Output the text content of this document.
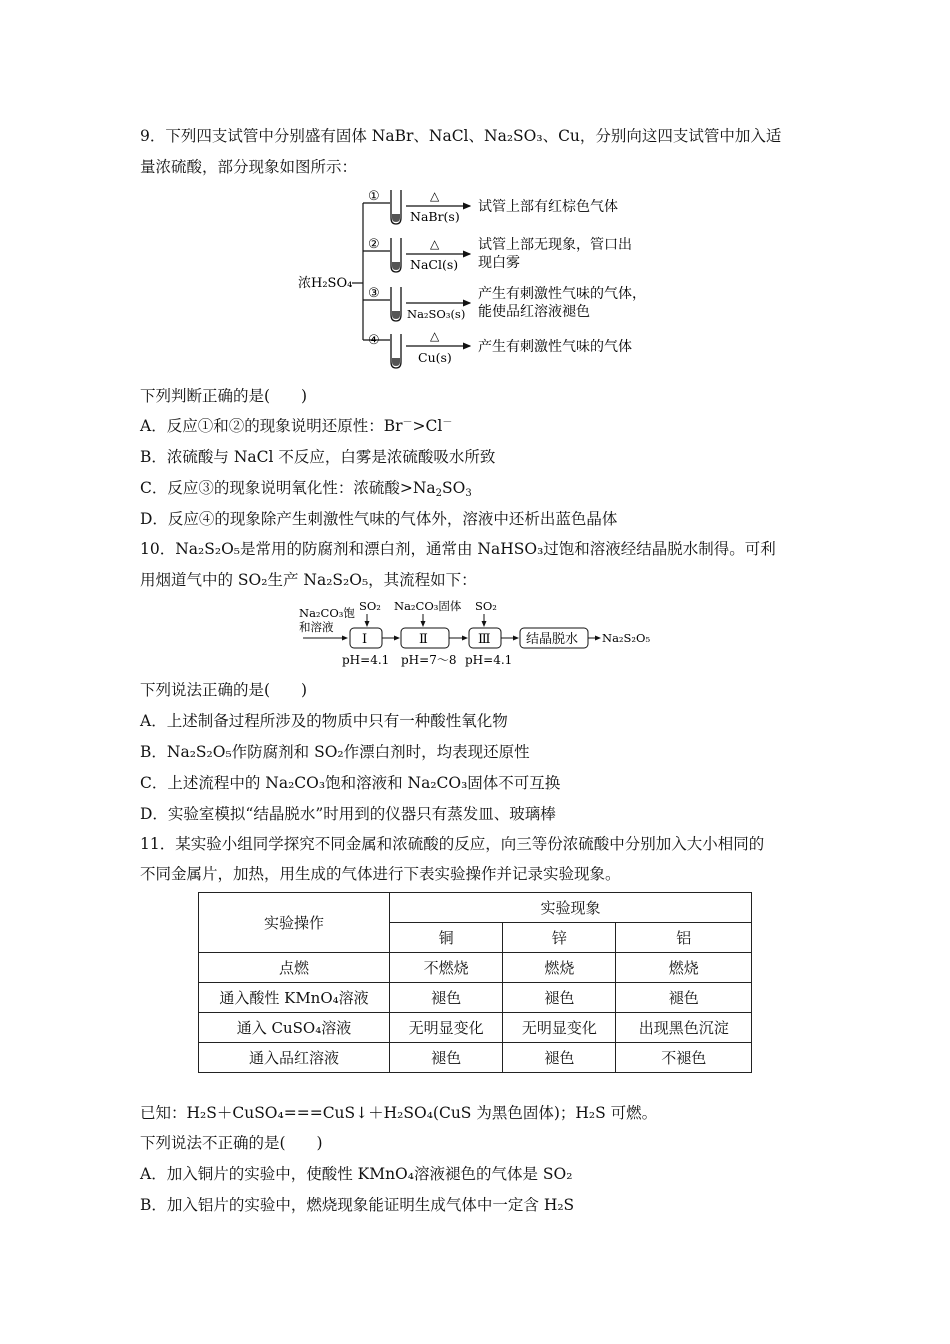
9．下列四支试管中分别盛有固体 NaBr、NaCl、Na₂SO₃、Cu，分别向这四支试管中加入适
量浓硫酸，部分现象如图所示：
浓H₂SO₄
①	△
NaBr(s)
试管上部有红棕色气体
②	△
NaCl(s)
试管上部无现象，管口出
现白雾
③
Na₂SO₃(s)
产生有刺激性气味的气体，
能使品红溶液褪色
④	△
Cu(s)
产生有刺激性气味的气体
下列判断正确的是(　　)
A．反应①和②的现象说明还原性：Br－>Cl－
B．浓硫酸与 NaCl 不反应，白雾是浓硫酸吸水所致
C．反应③的现象说明氧化性：浓硫酸$>Na_2SO_3$
D．反应④的现象除产生刺激性气味的气体外，溶液中还析出蓝色晶体
10．Na₂S₂O₅是常用的防腐剂和漂白剂，通常由 NaHSO₃过饱和溶液经结晶脱水制得。可利
用烟道气中的 SO₂生产 Na₂S₂O₅，其流程如下：
Na₂CO₃饱
和溶液
SO₂
Ⅰ
Na₂CO₃固体
Ⅱ
SO₂
Ⅲ	结晶脱水 Na₂S₂O₅
pH=4.1 pH=7～8 pH=4.1
下列说法正确的是(　　)
A．上述制备过程所涉及的物质中只有一种酸性氧化物
B．Na₂S₂O₅作防腐剂和 SO₂作漂白剂时，均表现还原性
C．上述流程中的 Na₂CO₃饱和溶液和 Na₂CO₃固体不可互换
D．实验室模拟“结晶脱水”时用到的仪器只有蒸发皿、玻璃棒
11．某实验小组同学探究不同金属和浓硫酸的反应，向三等份浓硫酸中分别加入大小相同的
不同金属片，加热，用生成的气体进行下表实验操作并记录实验现象。
实验操作	实验现象		
	铜	锌	铝
点燃	不燃烧	燃烧	燃烧
通入酸性 KMnO₄溶液	褪色	褪色	褪色
通入 CuSO₄溶液	无明显变化	无明显变化	出现黑色沉淀
通入品红溶液	褪色	褪色	不褪色
已知：H₂S＋CuSO₄===CuS↓＋H₂SO₄(CuS 为黑色固体)；H₂S 可燃。
下列说法不正确的是(　　)
A．加入铜片的实验中，使酸性 KMnO₄溶液褪色的气体是 SO₂
B．加入铝片的实验中，燃烧现象能证明生成气体中一定含 H₂S
